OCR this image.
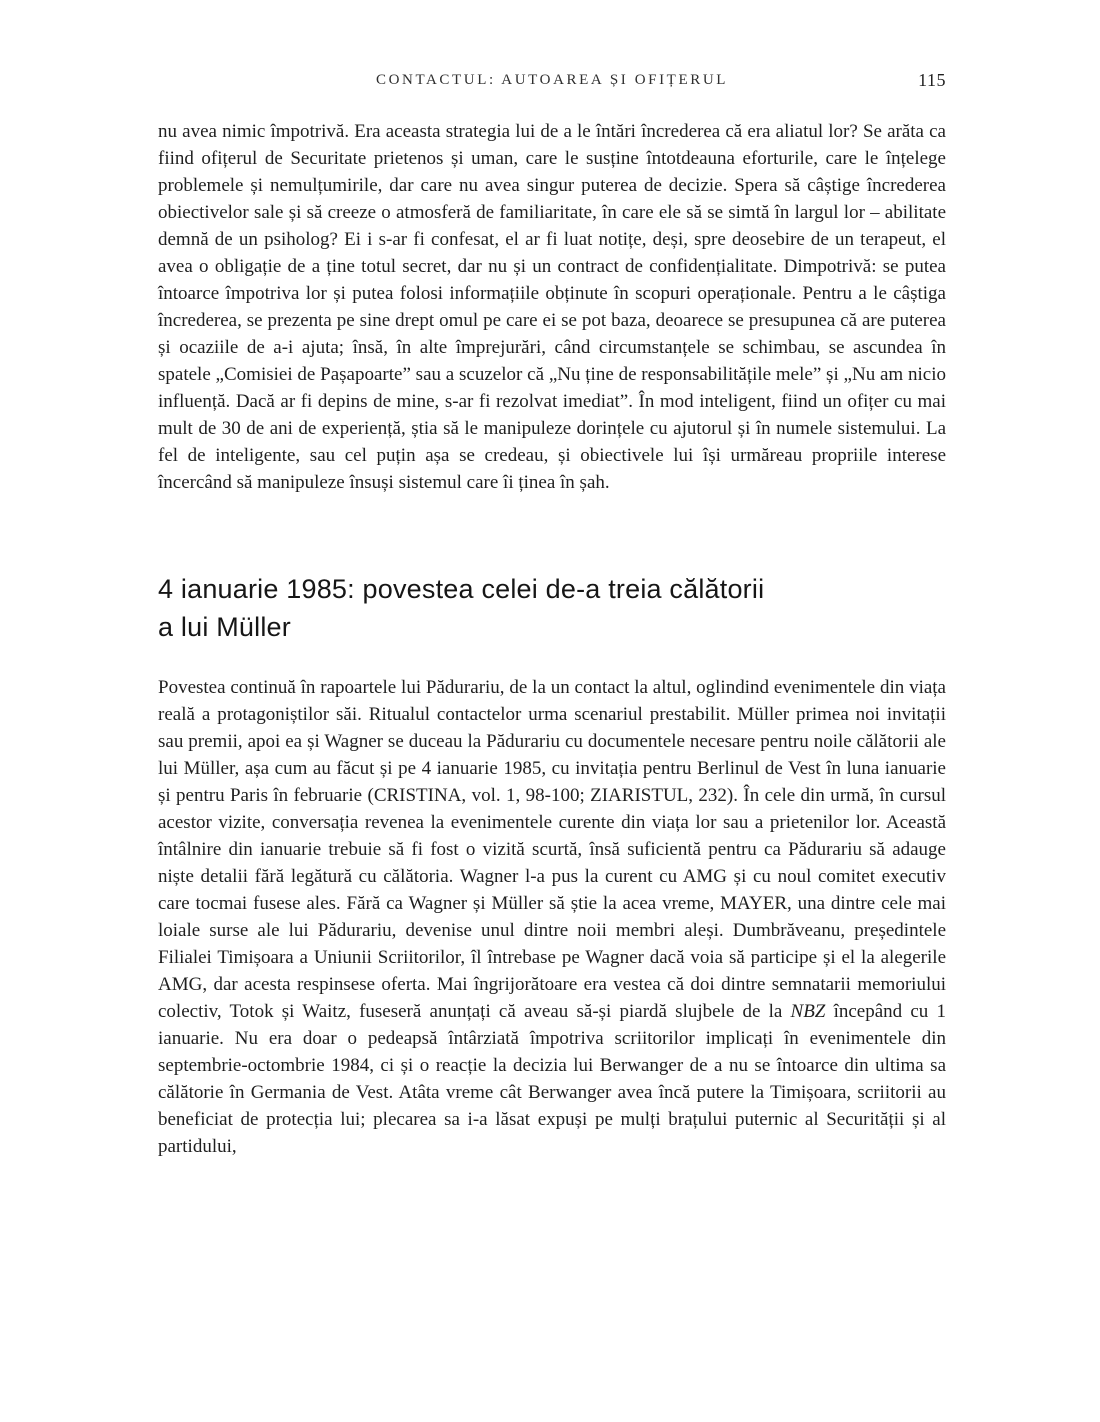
CONTACTUL: AUTOAREA ȘI OFIȚERUL	115

nu avea nimic împotrivă. Era aceasta strategia lui de a le întări încrederea că era aliatul lor? Se arăta ca fiind ofițerul de Securitate prietenos și uman, care le susține întotdeauna eforturile, care le înțelege problemele și nemulțumirile, dar care nu avea singur puterea de decizie. Spera să câștige încrederea obiectivelor sale și să creeze o atmosferă de familiaritate, în care ele să se simtă în largul lor – abilitate demnă de un psiholog? Ei i s-ar fi confesat, el ar fi luat notițe, deși, spre deosebire de un terapeut, el avea o obligație de a ține totul secret, dar nu și un contract de confidențialitate. Dimpotrivă: se putea întoarce împotriva lor și putea folosi informațiile obținute în scopuri operaționale. Pentru a le câștiga încrederea, se prezenta pe sine drept omul pe care ei se pot baza, deoarece se presupunea că are puterea și ocaziile de a-i ajuta; însă, în alte împrejurări, când circumstanțele se schimbau, se ascundea în spatele „Comisiei de Pașapoarte” sau a scuzelor că „Nu ține de responsabilitățile mele” și „Nu am nicio influență. Dacă ar fi depins de mine, s-ar fi rezolvat imediat”. În mod inteligent, fiind un ofițer cu mai mult de 30 de ani de experiență, știa să le manipuleze dorințele cu ajutorul și în numele sistemului. La fel de inteligente, sau cel puțin așa se credeau, și obiectivele lui își urmăreau propriile interese încercând să manipuleze însuși sistemul care îi ținea în șah.

4 ianuarie 1985: povestea celei de-a treia călătorii
a lui Müller

Povestea continuă în rapoartele lui Pădurariu, de la un contact la altul, oglindind evenimentele din viața reală a protagoniștilor săi. Ritualul contactelor urma scenariul prestabilit. Müller primea noi invitații sau premii, apoi ea și Wagner se duceau la Pădurariu cu documentele necesare pentru noile călătorii ale lui Müller, așa cum au făcut și pe 4 ianuarie 1985, cu invitația pentru Berlinul de Vest în luna ianuarie și pentru Paris în februarie (CRISTINA, vol. 1, 98-100; ZIARISTUL, 232). În cele din urmă, în cursul acestor vizite, conversația revenea la evenimentele curente din viața lor sau a prietenilor lor. Această întâlnire din ianuarie trebuie să fi fost o vizită scurtă, însă suficientă pentru ca Pădurariu să adauge niște detalii fără legătură cu călătoria. Wagner l-a pus la curent cu AMG și cu noul comitet executiv care tocmai fusese ales. Fără ca Wagner și Müller să știe la acea vreme, MAYER, una dintre cele mai loiale surse ale lui Pădurariu, devenise unul dintre noii membri aleși. Dumbrăveanu, președintele Filialei Timișoara a Uniunii Scriitorilor, îl întrebase pe Wagner dacă voia să participe și el la alegerile AMG, dar acesta respinsese oferta. Mai îngrijorătoare era vestea că doi dintre semnatarii memoriului colectiv, Totok și Waitz, fuseseră anunțați că aveau să-și piardă slujbele de la NBZ începând cu 1 ianuarie. Nu era doar o pedeapsă întârziată împotriva scriitorilor implicați în evenimentele din septembrie-octombrie 1984, ci și o reacție la decizia lui Berwanger de a nu se întoarce din ultima sa călătorie în Germania de Vest. Atâta vreme cât Berwanger avea încă putere la Timișoara, scriitorii au beneficiat de protecția lui; plecarea sa i-a lăsat expuși pe mulți brațului puternic al Securității și al partidului,
